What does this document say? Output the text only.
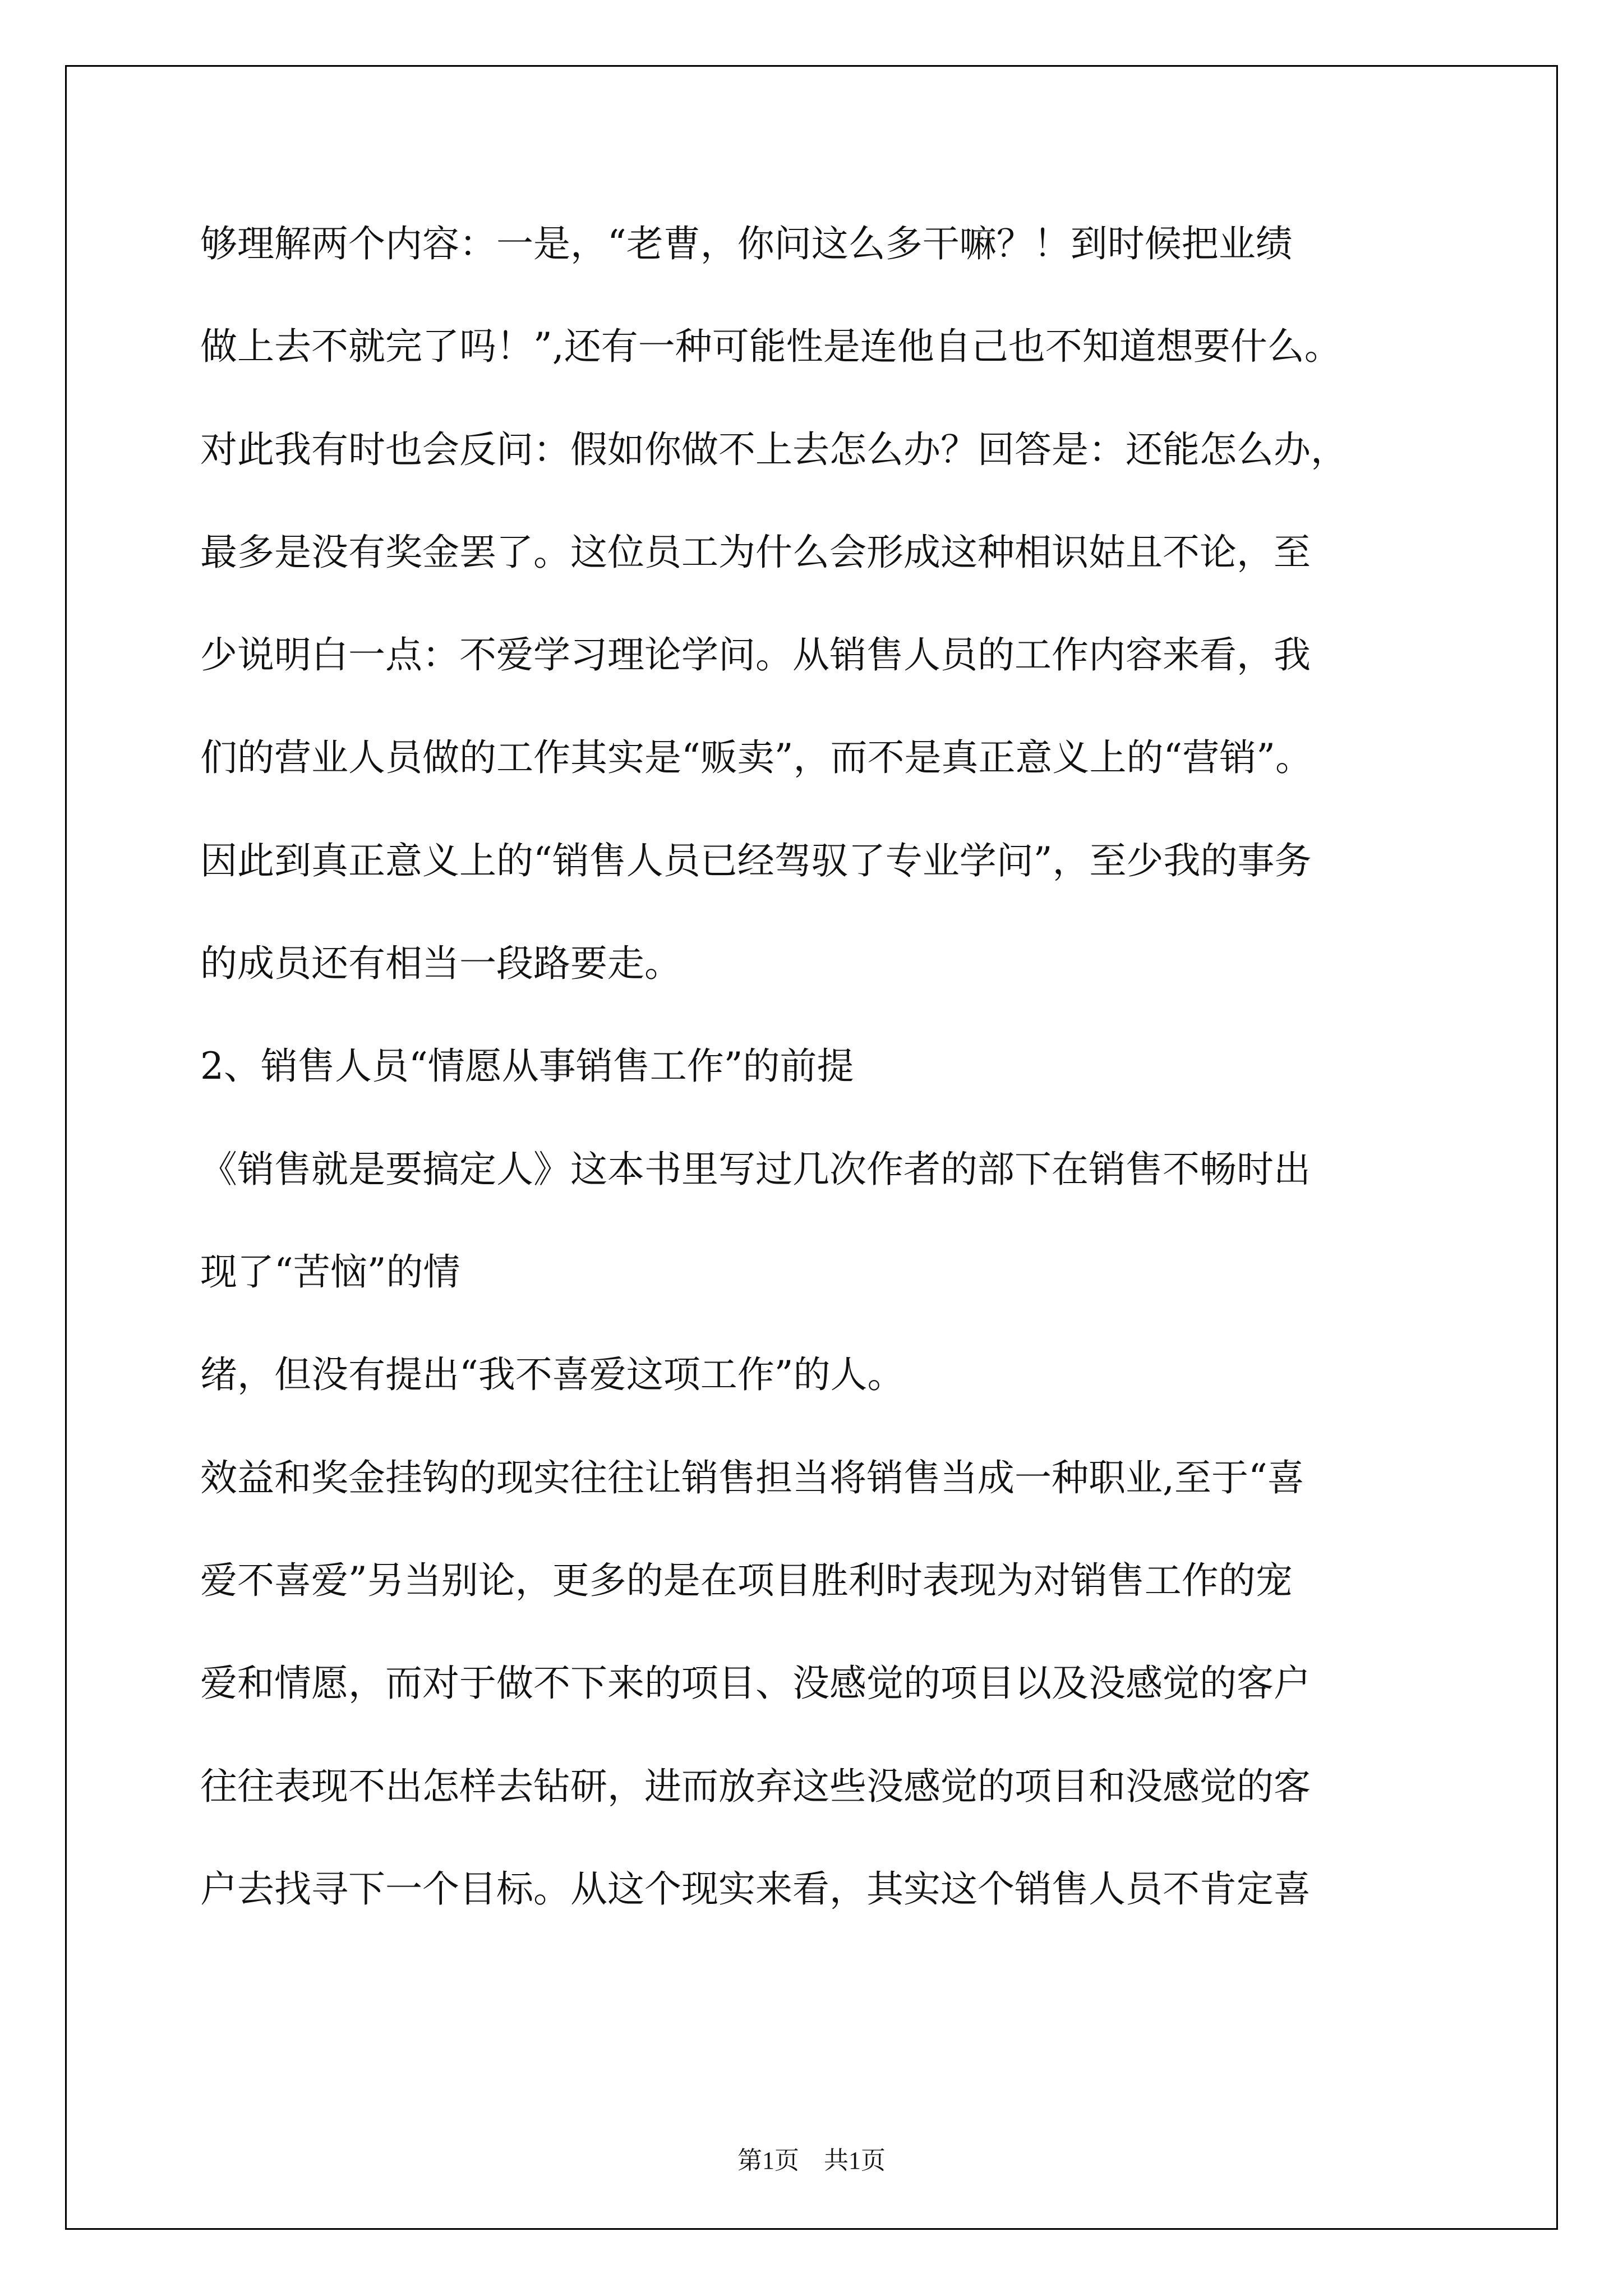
够理解两个内容：一是，“老曹，你问这么多干嘛？！到时候把业绩
做上去不就完了吗！”,还有一种可能性是连他自己也不知道想要什么。
对此我有时也会反问：假如你做不上去怎么办？回答是：还能怎么办，
最多是没有奖金罢了。这位员工为什么会形成这种相识姑且不论，至
少说明白一点：不爱学习理论学问。从销售人员的工作内容来看，我
们的营业人员做的工作其实是“贩卖”，而不是真正意义上的“营销”。
因此到真正意义上的“销售人员已经驾驭了专业学问”，至少我的事务
的成员还有相当一段路要走。
2、销售人员“情愿从事销售工作”的前提
《销售就是要搞定人》这本书里写过几次作者的部下在销售不畅时出
现了“苦恼”的情
绪，但没有提出“我不喜爱这项工作”的人。
效益和奖金挂钩的现实往往让销售担当将销售当成一种职业,至于“喜
爱不喜爱”另当别论，更多的是在项目胜利时表现为对销售工作的宠
爱和情愿，而对于做不下来的项目、没感觉的项目以及没感觉的客户
往往表现不出怎样去钻研，进而放弃这些没感觉的项目和没感觉的客
户去找寻下一个目标。从这个现实来看，其实这个销售人员不肯定喜
第1页　共1页
